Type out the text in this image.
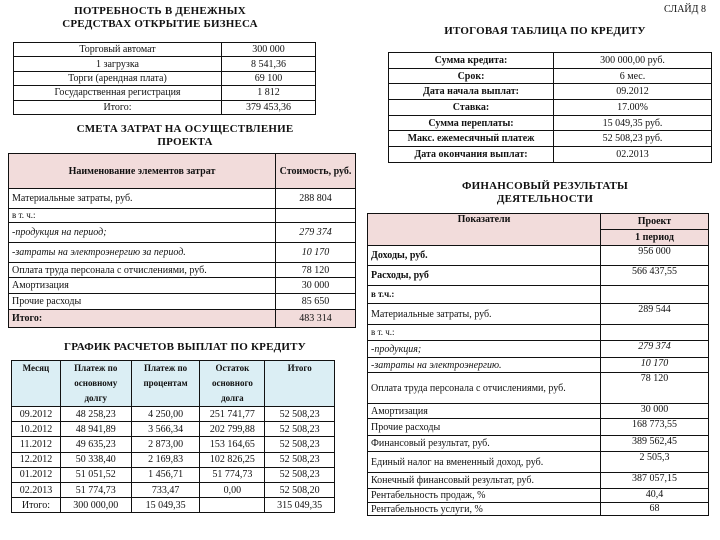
СЛАЙД 8
ПОТРЕБНОСТЬ В ДЕНЕЖНЫХ СРЕДСТВАХ ОТКРЫТИЕ БИЗНЕСА
Торговый автомат	300 000
1 загрузка	8 541,36
Торги (арендная плата)	69 100
Государственная регистрация	1 812
Итого:	379 453,36
СМЕТА ЗАТРАТ НА ОСУЩЕСТВЛЕНИЕ ПРОЕКТА
Наименование элементов затрат	Стоимость, руб.
Материальные затраты, руб.	288 804
в т. ч.:	
-продукция на период;	279 374
-затраты на электроэнергию за период.	10 170
Оплата труда персонала с отчислениями, руб.	78 120
Амортизация	30 000
Прочие расходы	85 650
Итого:	483 314
ГРАФИК РАСЧЕТОВ ВЫПЛАТ ПО КРЕДИТУ
Месяц	Платеж по основному долгу	Платеж по процентам	Остаток основного долга	Итого
09.2012	48 258,23	4 250,00	251 741,77	52 508,23
10.2012	48 941,89	3 566,34	202 799,88	52 508,23
11.2012	49 635,23	2 873,00	153 164,65	52 508,23
12.2012	50 338,40	2 169,83	102 826,25	52 508,23
01.2012	51 051,52	1 456,71	51 774,73	52 508,23
02.2013	51 774,73	733,47	0,00	52 508,20
Итого:	300 000,00	15 049,35		315 049,35
ИТОГОВАЯ ТАБЛИЦА ПО КРЕДИТУ
Сумма кредита:	300 000,00 руб.
Срок:	6 мес.
Дата начала выплат:	09.2012
Ставка:	17.00%
Сумма переплаты:	15 049,35 руб.
Макс. ежемесячный платеж	52 508,23 руб.
Дата окончания выплат:	02.2013
ФИНАНСОВЫЙ РЕЗУЛЬТАТЫ ДЕЯТЕЛЬНОСТИ
Показатели	Проект
	1 период
Доходы, руб.	956 000
Расходы, руб	566 437,55
в т.ч.:	
Материальные затраты, руб.	289 544
в т. ч.:	
-продукция;	279 374
-затраты на электроэнергию.	10 170
Оплата труда персонала с отчислениями, руб.	78 120
Амортизация	30 000
Прочие расходы	168 773,55
Финансовый результат, руб.	389 562,45
Единый налог на вмененный доход, руб.	2 505,3
Конечный финансовый результат, руб.	387 057,15
Рентабельность продаж, %	40,4
Рентабельность услуги, %	68
